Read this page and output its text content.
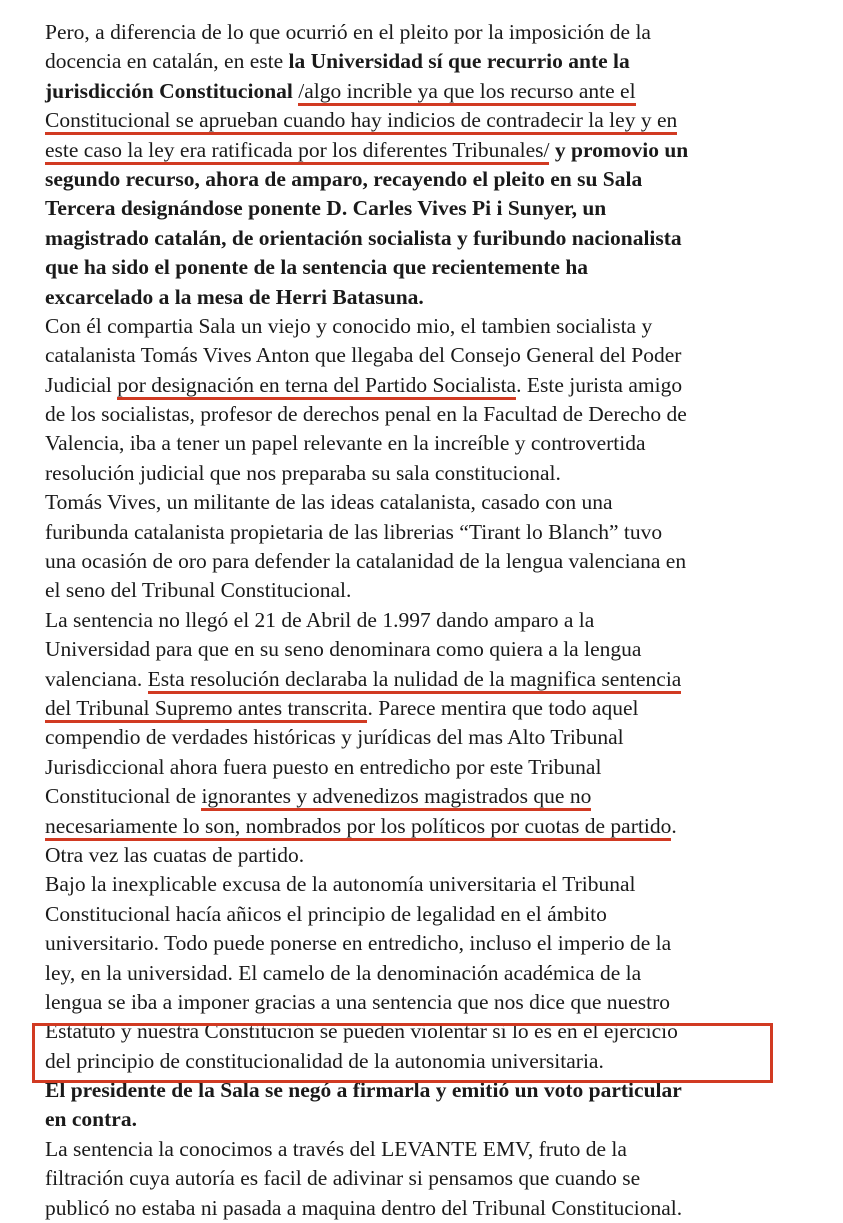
Pero, a diferencia de lo que ocurrió en el pleito por la imposición de la
docencia en catalán, en este la Universidad sí que recurrio ante la
jurisdicción Constitucional /algo incrible ya que los recurso ante el
Constitucional se aprueban cuando hay indicios de contradecir la ley y en
este caso la ley era ratificada por los diferentes Tribunales/ y promovio un
segundo recurso, ahora de amparo, recayendo el pleito en su Sala
Tercera designándose ponente D. Carles Vives Pi i Sunyer, un
magistrado catalán, de orientación socialista y furibundo nacionalista
que ha sido el ponente de la sentencia que recientemente ha
excarcelado a la mesa de Herri Batasuna.
Con él compartia Sala un viejo y conocido mio, el tambien socialista y
catalanista Tomás Vives Anton que llegaba del Consejo General del Poder
Judicial por designación en terna del Partido Socialista. Este jurista amigo
de los socialistas, profesor de derechos penal en la Facultad de Derecho de
Valencia, iba a tener un papel relevante en la increíble y controvertida
resolución judicial que nos preparaba su sala constitucional.
Tomás Vives, un militante de las ideas catalanista, casado con una
furibunda catalanista propietaria de las librerias “Tirant lo Blanch” tuvo
una ocasión de oro para defender la catalanidad de la lengua valenciana en
el seno del Tribunal Constitucional.
La sentencia no llegó el 21 de Abril de 1.997 dando amparo a la
Universidad para que en su seno denominara como quiera a la lengua
valenciana. Esta resolución declaraba la nulidad de la magnifica sentencia
del Tribunal Supremo antes transcrita. Parece mentira que todo aquel
compendio de verdades históricas y jurídicas del mas Alto Tribunal
Jurisdiccional ahora fuera puesto en entredicho por este Tribunal
Constitucional de ignorantes y advenedizos magistrados que no
necesariamente lo son, nombrados por los políticos por cuotas de partido.
Otra vez las cuatas de partido.
Bajo la inexplicable excusa de la autonomía universitaria el Tribunal
Constitucional hacía añicos el principio de legalidad en el ámbito
universitario. Todo puede ponerse en entredicho, incluso el imperio de la
ley, en la universidad. El camelo de la denominación académica de la
lengua se iba a imponer gracias a una sentencia que nos dice que nuestro
Estatuto y nuestra Constitución se pueden violentar si lo es en el ejercicio
del principio de constitucionalidad de la autonomia universitaria.
El presidente de la Sala se negó a firmarla y emitió un voto particular
en contra.
La sentencia la conocimos a través del LEVANTE EMV, fruto de la
filtración cuya autoría es facil de adivinar si pensamos que cuando se
publicó no estaba ni pasada a maquina dentro del Tribunal Constitucional.
